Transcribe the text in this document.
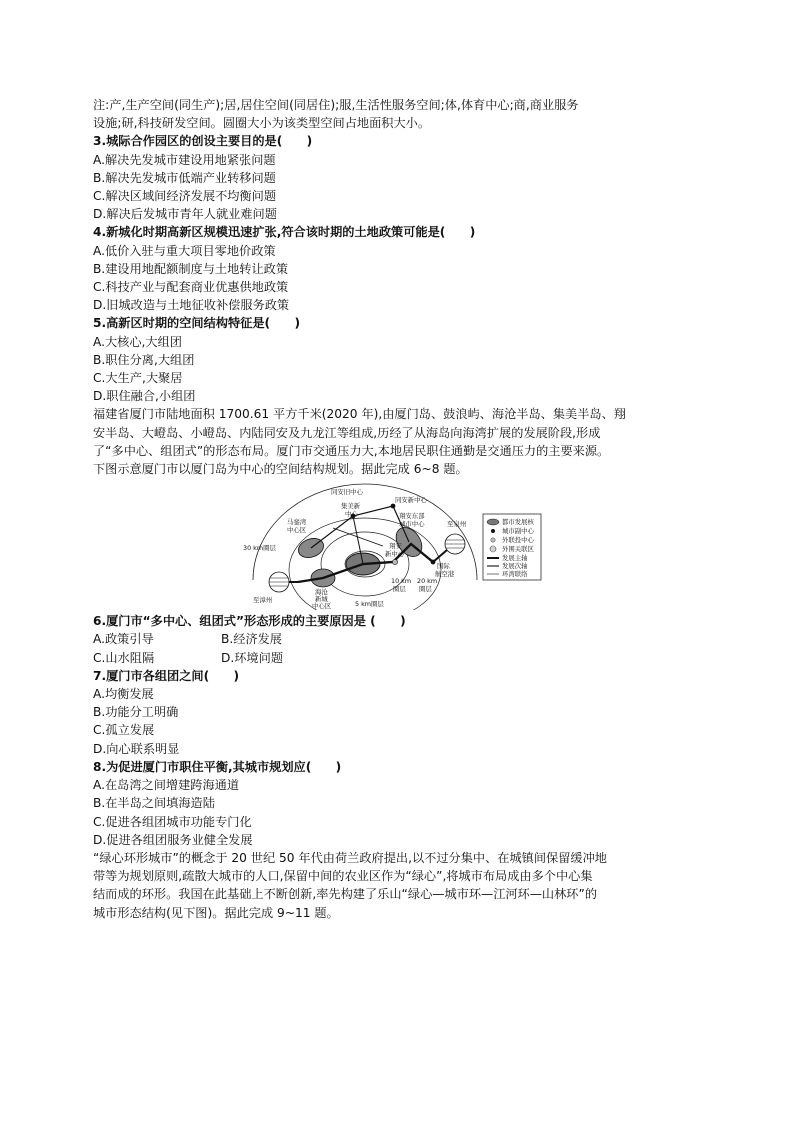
注:产,生产空间(同生产);居,居住空间(同居住);服,生活性服务空间;体,体育中心;商,商业服务
设施;研,科技研发空间。圆圈大小为该类型空间占地面积大小。
3.城际合作园区的创设主要目的是(　　)
A.解决先发城市建设用地紧张问题
B.解决先发城市低端产业转移问题
C.解决区域间经济发展不均衡问题
D.解决后发城市青年人就业难问题
4.新城化时期高新区规模迅速扩张,符合该时期的土地政策可能是(　　)
A.低价入驻与重大项目零地价政策
B.建设用地配额制度与土地转让政策
C.科技产业与配套商业优惠供地政策
D.旧城改造与土地征收补偿服务政策
5.高新区时期的空间结构特征是(　　)
A.大核心,大组团
B.职住分离,大组团
C.大生产,大聚居
D.职住融合,小组团
福建省厦门市陆地面积 1700.61 平方千米(2020 年),由厦门岛、鼓浪屿、海沧半岛、集美半岛、翔
安半岛、大嶝岛、小嶝岛、内陆同安及九龙江等组成,历经了从海岛向海湾扩展的发展阶段,形成
了“多中心、组团式”的形态布局。厦门市交通压力大,本地居民职住通勤是交通压力的主要来源。
下图示意厦门市以厦门岛为中心的空间结构规划。据此完成 6~8 题。
同安旧中心
同安新中心
集美新
中心
马銮湾
中心区
翔安东部
城市中心
30 km圈层
至漳州
至泉州
海沧
新城
中心区
翔安
新中心
10 km
圈层
20 km
圈层
国际
航空港
5 km圈层
都市发展核
城市副中心
外联投中心
外围关联区
发展主轴
发展次轴
环湾联络
6.厦门市“多中心、组团式”形态形成的主要原因是 (　　)
A.政策引导	B.经济发展
C.山水阻隔	D.环境问题
7.厦门市各组团之间(　　)
A.均衡发展
B.功能分工明确
C.孤立发展
D.向心联系明显
8.为促进厦门市职住平衡,其城市规划应(　　)
A.在岛湾之间增建跨海通道
B.在半岛之间填海造陆
C.促进各组团城市功能专门化
D.促进各组团服务业健全发展
“绿心环形城市”的概念于 20 世纪 50 年代由荷兰政府提出,以不过分集中、在城镇间保留缓冲地
带等为规划原则,疏散大城市的人口,保留中间的农业区作为“绿心”,将城市布局成由多个中心集
结而成的环形。我国在此基础上不断创新,率先构建了乐山“绿心—城市环—江河环—山林环”的
城市形态结构(见下图)。据此完成 9~11 题。
